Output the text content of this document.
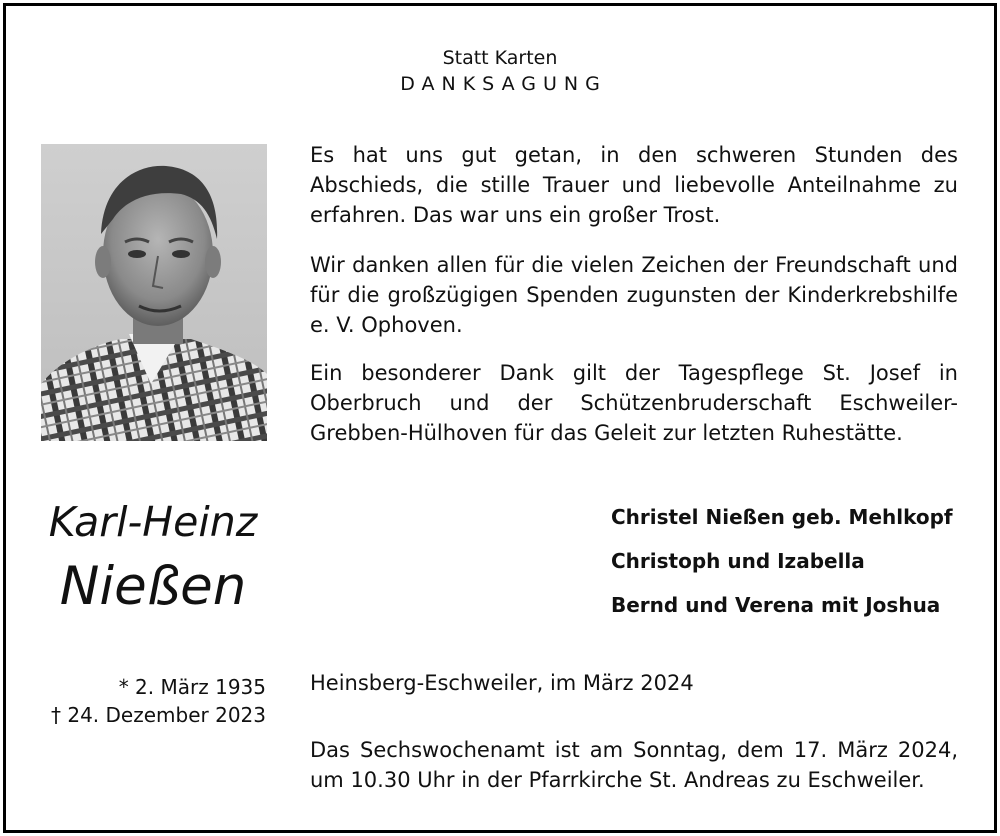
Statt Karten
DANKSAGUNG

Es hat uns gut getan, in den schweren Stunden des Abschieds, die stille Trauer und liebevolle Anteilnahme zu erfahren. Das war uns ein großer Trost.

Wir danken allen für die vielen Zeichen der Freundschaft und für die großzügigen Spenden zugunsten der Kinderkrebshilfe e. V. Ophoven.

Ein besonderer Dank gilt der Tagespflege St. Josef in Oberbruch und der Schützenbruderschaft Eschweiler-Grebben-Hülhoven für das Geleit zur letzten Ruhestätte.

Karl-Heinz
Nießen
Christel Nießen geb. Mehlkopf
Christoph und Izabella
Bernd und Verena mit Joshua
* 2. März 1935
† 24. Dezember 2023
Heinsberg-Eschweiler, im März 2024

Das Sechswochenamt ist am Sonntag, dem 17. März 2024, um 10.30 Uhr in der Pfarrkirche St. Andreas zu Eschweiler.
